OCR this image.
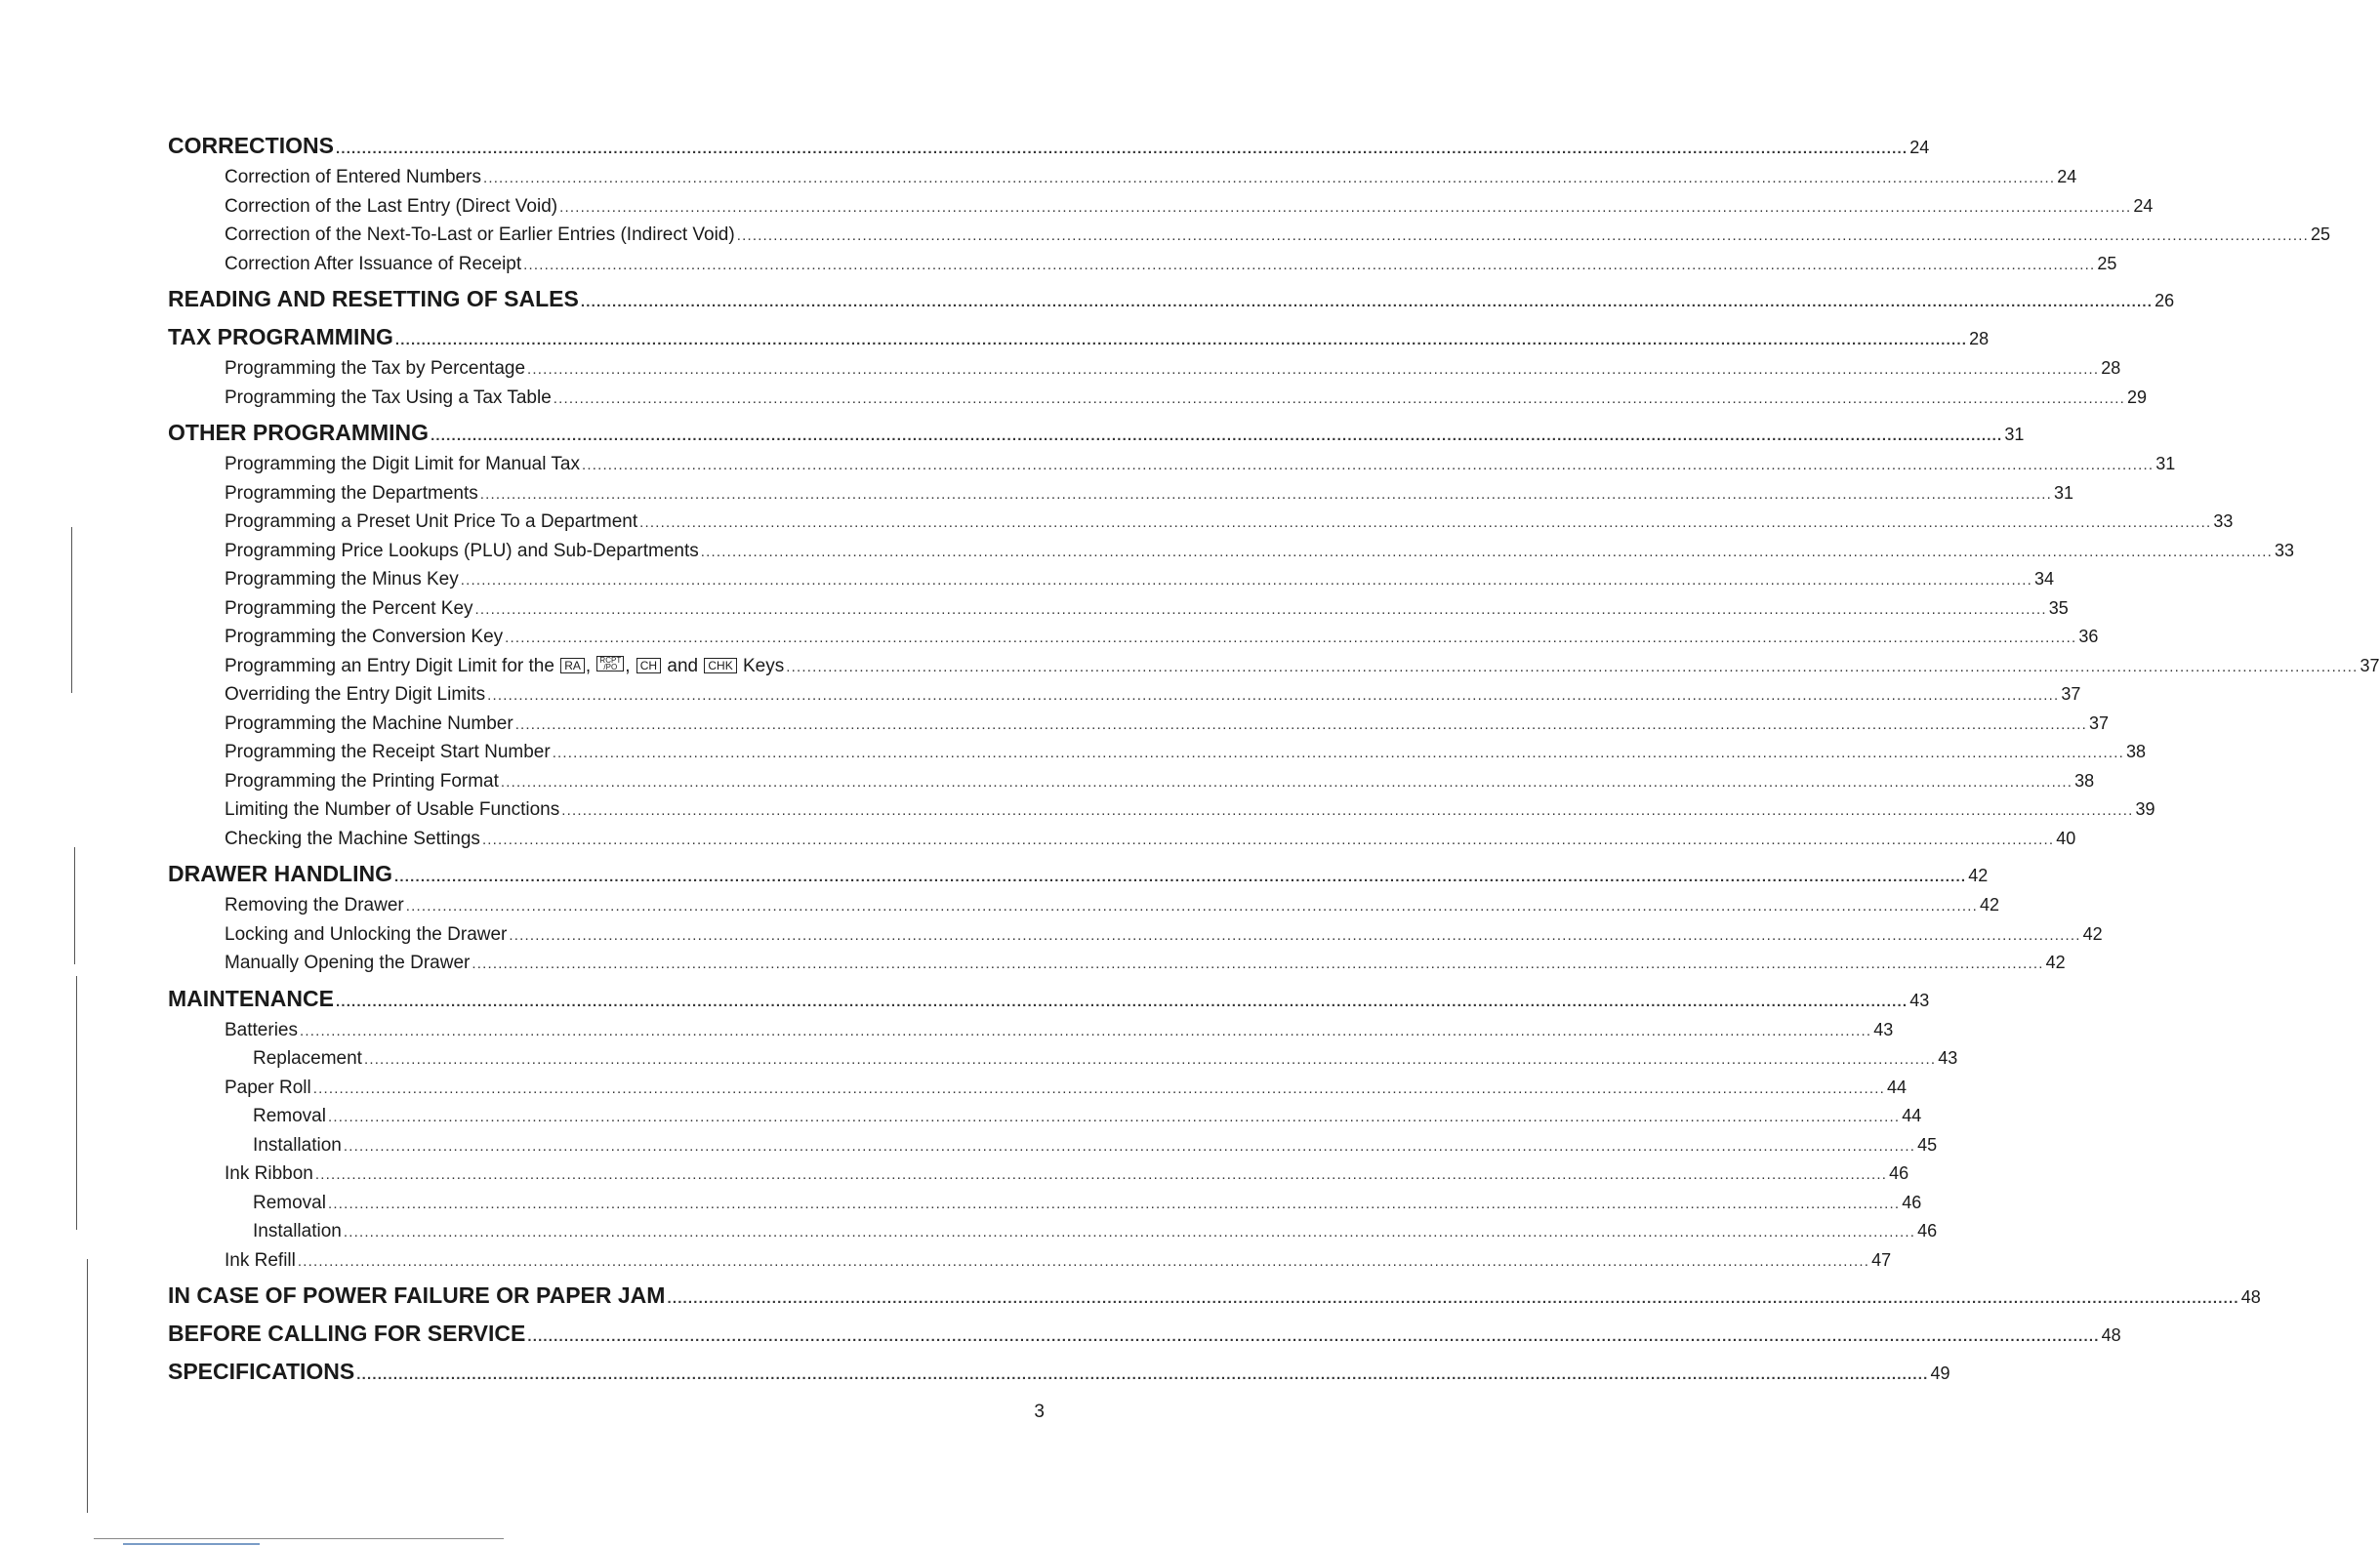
CORRECTIONS ............................................................................................................................................................................................................................................................................................................ 24
Correction of Entered Numbers ............................................................................................................................................................................................................................................................................................................ 24
Correction of the Last Entry (Direct Void) ............................................................................................................................................................................................................................................................................................................ 24
Correction of the Next-To-Last or Earlier Entries (Indirect Void) ............................................................................................................................................................................................................................................................................................................ 25
Correction After Issuance of Receipt ............................................................................................................................................................................................................................................................................................................ 25
READING AND RESETTING OF SALES ............................................................................................................................................................................................................................................................................................................ 26
TAX PROGRAMMING ............................................................................................................................................................................................................................................................................................................ 28
Programming the Tax by Percentage ............................................................................................................................................................................................................................................................................................................ 28
Programming the Tax Using a Tax Table ............................................................................................................................................................................................................................................................................................................ 29
OTHER PROGRAMMING ............................................................................................................................................................................................................................................................................................................ 31
Programming the Digit Limit for Manual Tax ............................................................................................................................................................................................................................................................................................................ 31
Programming the Departments ............................................................................................................................................................................................................................................................................................................ 31
Programming a Preset Unit Price To a Department ............................................................................................................................................................................................................................................................................................................ 33
Programming Price Lookups (PLU) and Sub-Departments ............................................................................................................................................................................................................................................................................................................ 33
Programming the Minus Key ............................................................................................................................................................................................................................................................................................................ 34
Programming the Percent Key ............................................................................................................................................................................................................................................................................................................ 35
Programming the Conversion Key ............................................................................................................................................................................................................................................................................................................ 36
Programming an Entry Digit Limit for the RA , RCPT
/PO , CH and CHK Keys ............................................................................................................................................................................................................................................................................................................ 37
Overriding the Entry Digit Limits ............................................................................................................................................................................................................................................................................................................ 37
Programming the Machine Number ............................................................................................................................................................................................................................................................................................................ 37
Programming the Receipt Start Number ............................................................................................................................................................................................................................................................................................................ 38
Programming the Printing Format ............................................................................................................................................................................................................................................................................................................ 38
Limiting the Number of Usable Functions ............................................................................................................................................................................................................................................................................................................ 39
Checking the Machine Settings ............................................................................................................................................................................................................................................................................................................ 40
DRAWER HANDLING ............................................................................................................................................................................................................................................................................................................ 42
Removing the Drawer ............................................................................................................................................................................................................................................................................................................ 42
Locking and Unlocking the Drawer ............................................................................................................................................................................................................................................................................................................ 42
Manually Opening the Drawer ............................................................................................................................................................................................................................................................................................................ 42
MAINTENANCE ............................................................................................................................................................................................................................................................................................................ 43
Batteries ............................................................................................................................................................................................................................................................................................................ 43
Replacement ............................................................................................................................................................................................................................................................................................................ 43
Paper Roll ............................................................................................................................................................................................................................................................................................................ 44
Removal ............................................................................................................................................................................................................................................................................................................ 44
Installation ............................................................................................................................................................................................................................................................................................................ 45
Ink Ribbon ............................................................................................................................................................................................................................................................................................................ 46
Removal ............................................................................................................................................................................................................................................................................................................ 46
Installation ............................................................................................................................................................................................................................................................................................................ 46
Ink Refill ............................................................................................................................................................................................................................................................................................................ 47
IN CASE OF POWER FAILURE OR PAPER JAM ............................................................................................................................................................................................................................................................................................................ 48
BEFORE CALLING FOR SERVICE ............................................................................................................................................................................................................................................................................................................ 48
SPECIFICATIONS ............................................................................................................................................................................................................................................................................................................ 49
3
